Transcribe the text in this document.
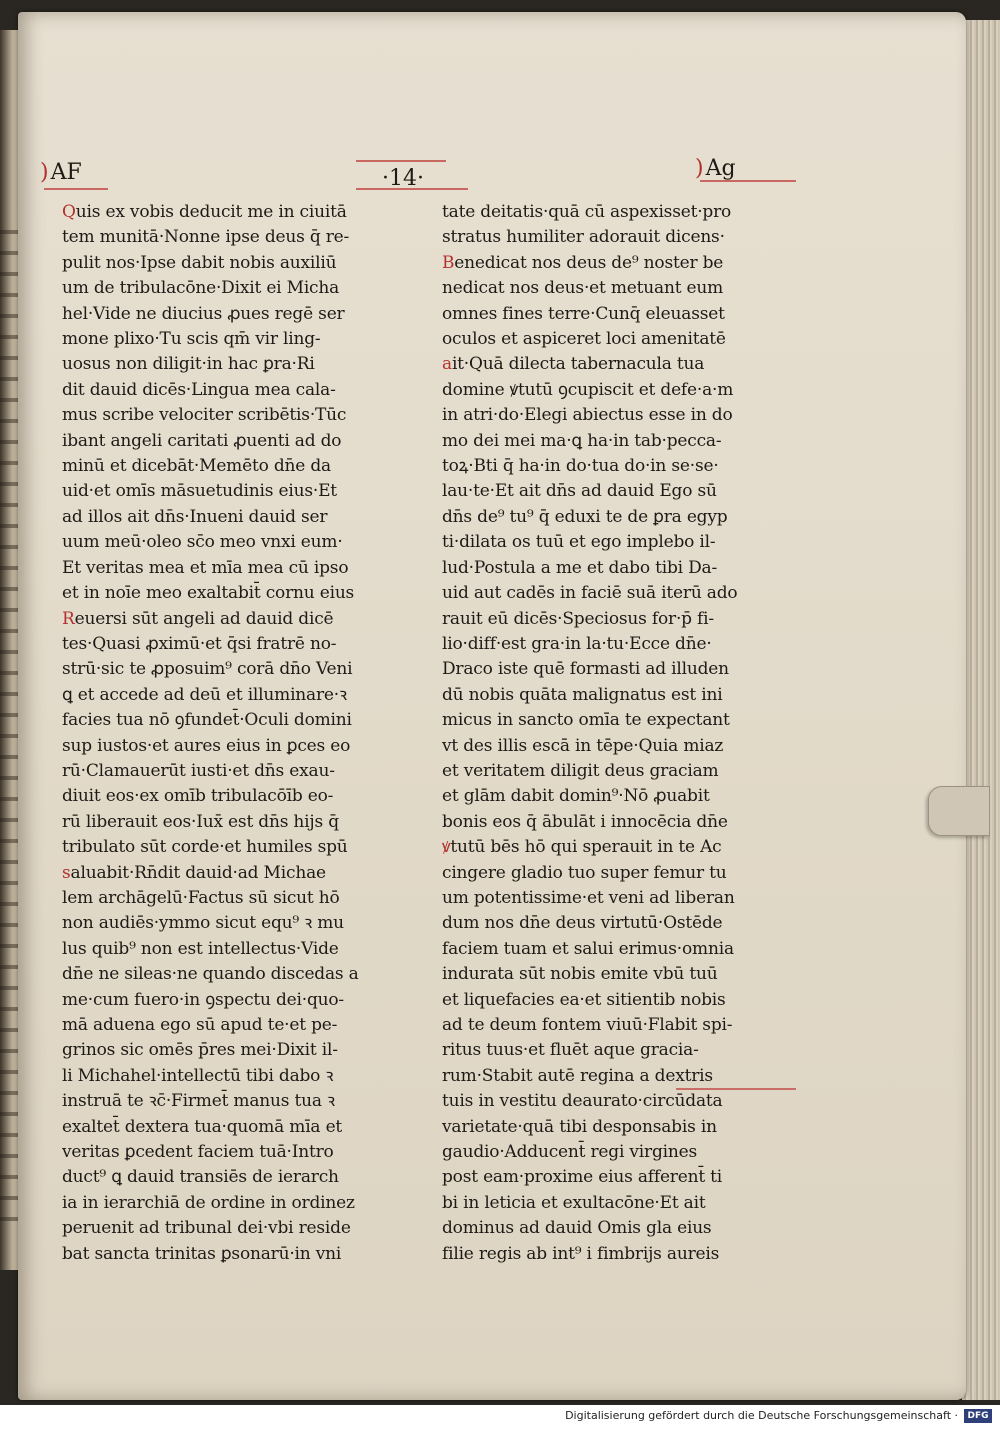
)AF	·14·	)Ag
Quis ex vobis deducit me in ciuitā
tem munitā·Nonne ipse deus q̄ re-
pulit nos·Ipse dabit nobis auxiliū
um de tribulacōne·Dixit ei Micha
hel·Vide ne diucius ꝓues regē ser
mone plixo·Tu scis qm̄ vir ling-
uosus non diligit·in hac ꝑra·Ri
dit dauid dicēs·Lingua mea cala-
mus scribe velociter scribētis·Tūc
ibant angeli caritati ꝓuenti ad do
minū et dicebāt·Memēto dn̄e da
uid·et omīs māsuetudinis eius·Et
ad illos ait dn̄s·Inueni dauid ser
uum meū·oleo sc̄o meo vnxi eum·
Et veritas mea et mīa mea cū ipso
et in noīe meo exaltabit̄ cornu eius
Reuersi sūt angeli ad dauid dicē
tes·Quasi ꝓximū·et q̄si fratrē no-
strū·sic te ꝓposuim⁹ corā dn̄o Veni
ꝗ et accede ad deū et illuminare·ꝛ
facies tua nō ꝯfundet̄·Oculi domini
sup iustos·et aures eius in ꝑces eo
rū·Clamauerūt iusti·et dn̄s exau-
diuit eos·ex omīb tribulacōīb eo-
rū liberauit eos·Iux̄ est dn̄s hijs q̄
tribulato sūt corde·et humiles spū
saluabit·Rn̄dit dauid·ad Michae
lem archāgelū·Factus sū sicut hō
non audiēs·ymmo sicut equ⁹ ꝛ mu
lus quib⁹ non est intellectus·Vide
dn̄e ne sileas·ne quando discedas a
me·cum fuero·in ꝯspectu dei·quo-
mā aduena ego sū apud te·et pe-
grinos sic omēs p̄res mei·Dixit il-
li Michahel·intellectū tibi dabo ꝛ
instruā te ꝛc̄·Firmet̄ manus tua ꝛ
exaltet̄ dextera tua·quomā mīa et
veritas ꝑcedent faciem tuā·Intro
duct⁹ ꝗ dauid transiēs de ierarch
ia in ierarchiā de ordine in ordinez
peruenit ad tribunal dei·vbi reside
bat sancta trinitas ꝑsonarū·in vni
tate deitatis·quā cū aspexisset·pro
stratus humiliter adorauit dicens·
Benedicat nos deus de⁹ noster be
nedicat nos deus·et metuant eum
omnes fines terre·Cunq̄ eleuasset
oculos et aspiceret loci amenitatē
ait·Quā dilecta tabernacula tua
domine ꝟtutū ꝯcupiscit et defe·a·m
in atri·do·Elegi abiectus esse in do
mo dei mei ma·ꝗ ha·in tab·pecca-
toꝝ·Bti q̄ ha·in do·tua do·in se·se·
lau·te·Et ait dn̄s ad dauid Ego sū
dn̄s de⁹ tu⁹ q̄ eduxi te de ꝑra egyp
ti·dilata os tuū et ego implebo il-
lud·Postula a me et dabo tibi Da-
uid aut cadēs in faciē suā iterū ado
rauit eū dicēs·Speciosus for·p̄ fi-
lio·diff·est gra·in la·tu·Ecce dn̄e·
Draco iste quē formasti ad illuden
dū nobis quāta malignatus est ini
micus in sancto omīa te expectant
vt des illis escā in tēpe·Quia miaz
et veritatem diligit deus graciam
et glām dabit domin⁹·Nō ꝓuabit
bonis eos q̄ ābulāt i innocēcia dn̄e
ꝟtutū bēs hō qui sperauit in te Ac
cingere gladio tuo super femur tu
um potentissime·et veni ad liberan
dum nos dn̄e deus virtutū·Ostēde
faciem tuam et salui erimus·omnia
indurata sūt nobis emite vbū tuū
et liquefacies ea·et sitientib nobis
ad te deum fontem viuū·Flabit spi-
ritus tuus·et fluēt aque gracia-
rum·Stabit autē regina a dextris
tuis in vestitu deaurato·circūdata
varietate·quā tibi desponsabis in
gaudio·Adducent̄ regi virgines
post eam·proxime eius afferent̄ ti
bi in leticia et exultacōne·Et ait
dominus ad dauid Omis gla eius
filie regis ab int⁹ i fimbrijs aureis
Digitalisierung gefördert durch die Deutsche Forschungsgemeinschaft ·	DFG
